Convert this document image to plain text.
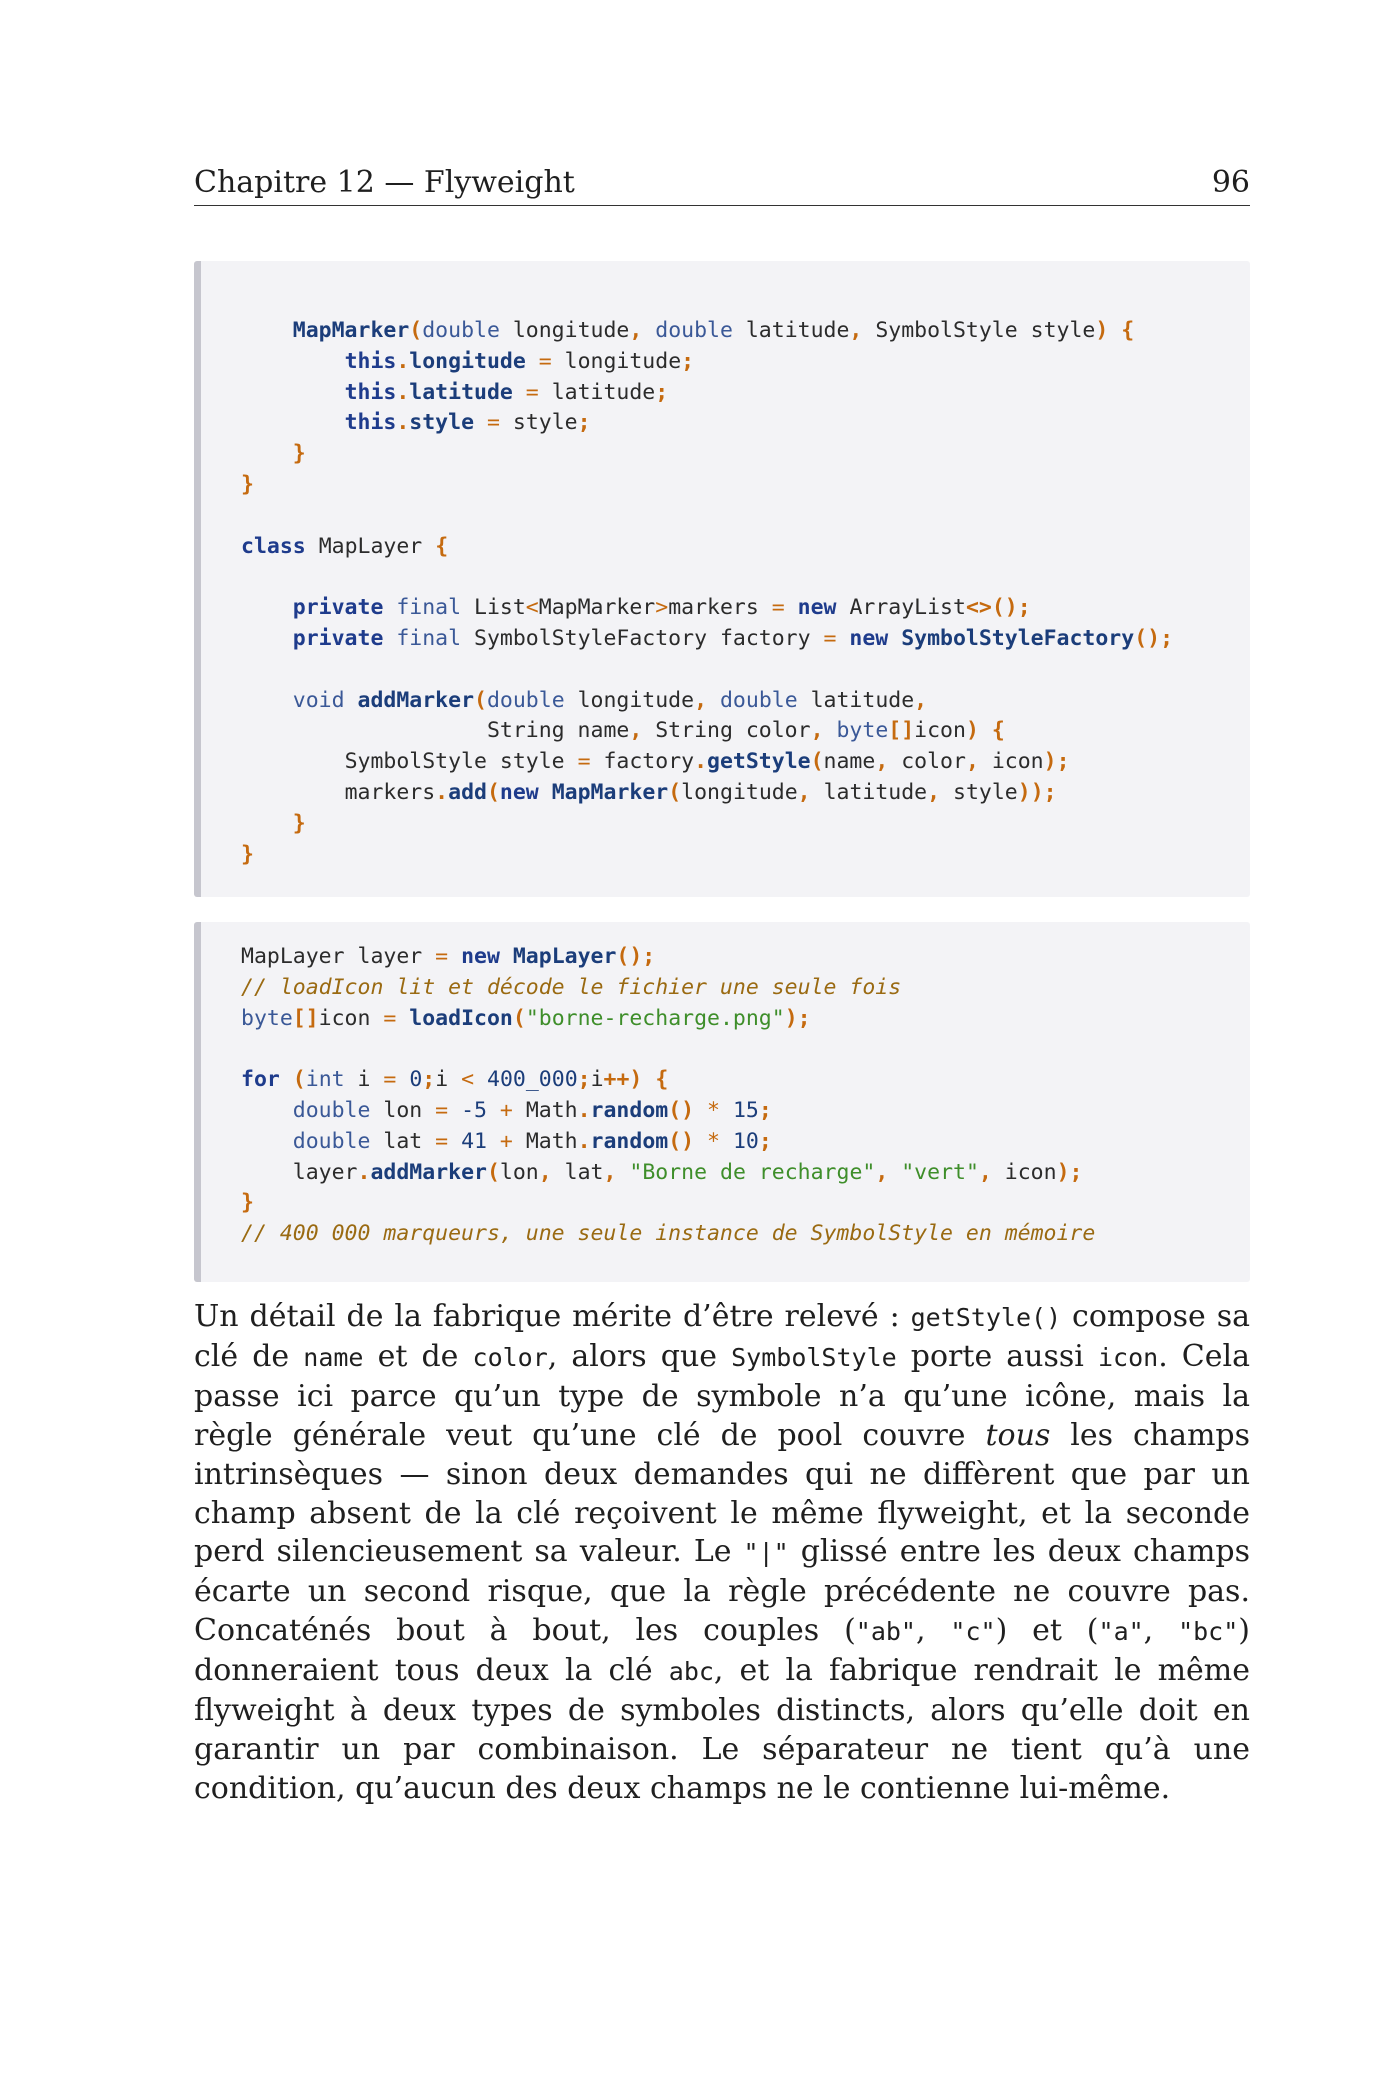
Chapitre 12 — Flyweight	96
MapMarker(double longitude, double latitude, SymbolStyle style) {
this.longitude = longitude;
this.latitude = latitude;
this.style = style;
}
}
class MapLayer {
private final List<MapMarker>markers = new ArrayList<>();
private final SymbolStyleFactory factory = new SymbolStyleFactory();
void addMarker(double longitude, double latitude,
String name, String color, byte[]icon) {
SymbolStyle style = factory.getStyle(name, color, icon);
markers.add(new MapMarker(longitude, latitude, style));
}
}
MapLayer layer = new MapLayer();
// loadIcon lit et décode le fichier une seule fois
byte[]icon = loadIcon("borne-recharge.png");
for (int i = 0;i < 400_000;i++) {
double lon = -5 + Math.random() * 15;
double lat = 41 + Math.random() * 10;
layer.addMarker(lon, lat, "Borne de recharge", "vert", icon);
}
// 400 000 marqueurs, une seule instance de SymbolStyle en mémoire
Un détail de la fabrique mérite d’être relevé : getStyle() compose sa clé de name et de color, alors que SymbolStyle porte aussi icon. Cela passe ici parce qu’un type de symbole n’a qu’une icône, mais la règle générale veut qu’une clé de pool couvre tous les champs intrinsèques — sinon deux demandes qui ne diffèrent que par un champ absent de la clé reçoivent le même flyweight, et la seconde perd silencieusement sa valeur. Le "|" glissé entre les deux champs écarte un second risque, que la règle précédente ne couvre pas. Concaténés bout à bout, les couples ("ab", "c") et ("a", "bc") donneraient tous deux la clé abc, et la fabrique rendrait le même flyweight à deux types de symboles distincts, alors qu’elle doit en garantir un par combinaison. Le séparateur ne tient qu’à une condition, qu’aucun des deux champs ne le contienne lui-même.
